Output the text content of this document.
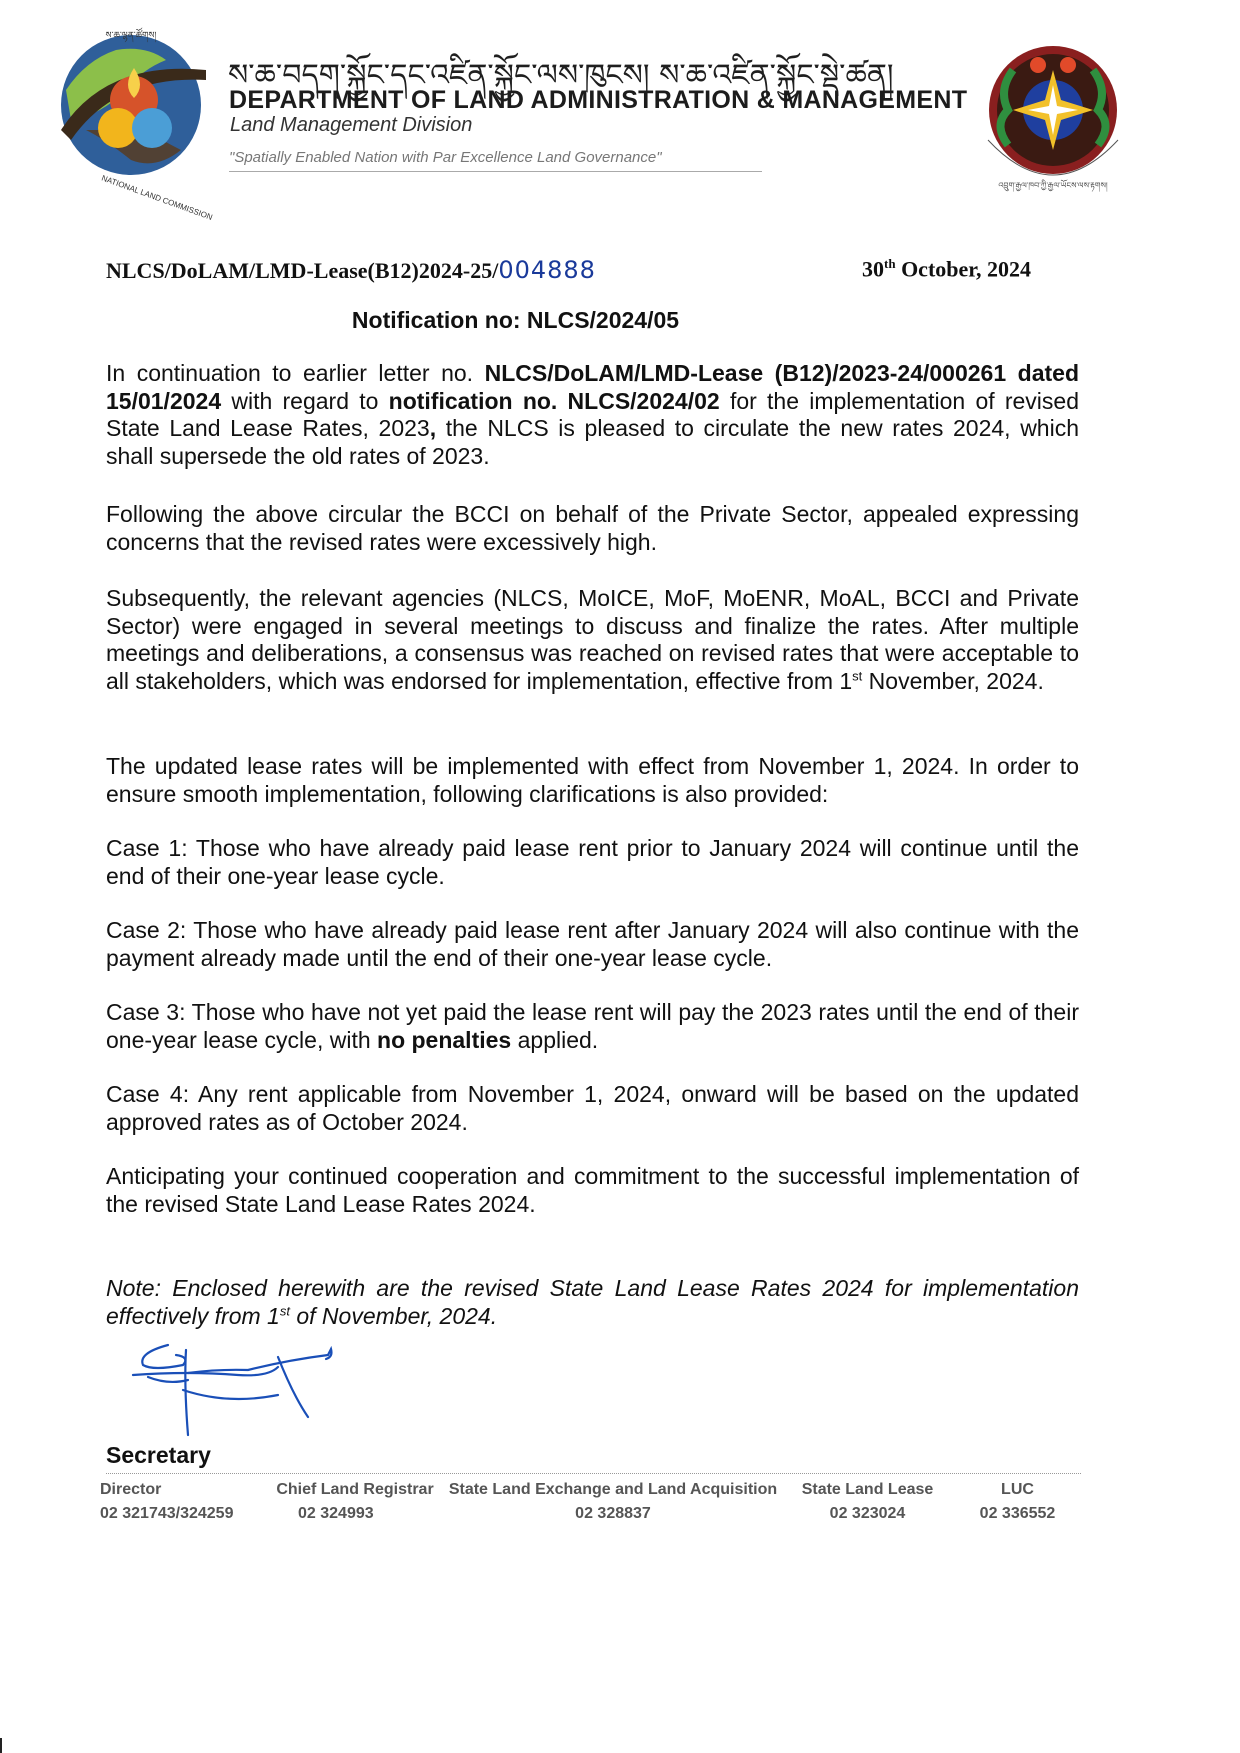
ས་ཆ་ལྷན་ཚོགས།
NATIONAL LAND COMMISSION	འབྲུག་རྒྱལ་ཁབ་ཀྱི་རྒྱལ་ཡོངས་ལས་རྟགས།
ས་ཆ་བདག་སྐྱོང་དང་འཛིན་སྐྱོང་ལས་ཁུངས། ས་ཆ་འཛིན་སྐྱོང་སྡེ་ཚན།
DEPARTMENT OF LAND ADMINISTRATION & MANAGEMENT
Land Management Division
"Spatially Enabled Nation with Par Excellence Land Governance"
NLCS/DoLAM/LMD-Lease(B12)2024-25/004888	30th October, 2024
Notification no: NLCS/2024/05

In continuation to earlier letter no. NLCS/DoLAM/LMD-Lease (B12)/2023-24/000261 dated 15/01/2024 with regard to notification no. NLCS/2024/02 for the implementation of revised State Land Lease Rates, 2023, the NLCS is pleased to circulate the new rates 2024, which shall supersede the old rates of 2023.

Following the above circular the BCCI on behalf of the Private Sector, appealed expressing concerns that the revised rates were excessively high.

Subsequently, the relevant agencies (NLCS, MoICE, MoF, MoENR, MoAL, BCCI and Private Sector) were engaged in several meetings to discuss and finalize the rates. After multiple meetings and deliberations, a consensus was reached on revised rates that were acceptable to all stakeholders, which was endorsed for implementation, effective from 1st November, 2024.

The updated lease rates will be implemented with effect from November 1, 2024. In order to ensure smooth implementation, following clarifications is also provided:

Case 1: Those who have already paid lease rent prior to January 2024 will continue until the end of their one-year lease cycle.

Case 2: Those who have already paid lease rent after January 2024 will also continue with the payment already made until the end of their one-year lease cycle.

Case 3: Those who have not yet paid the lease rent will pay the 2023 rates until the end of their one-year lease cycle, with no penalties applied.

Case 4: Any rent applicable from November 1, 2024, onward will be based on the updated approved rates as of October 2024.

Anticipating your continued cooperation and commitment to the successful implementation of the revised State Land Lease Rates 2024.

Note: Enclosed herewith are the revised State Land Lease Rates 2024 for implementation effectively from 1st of November, 2024.

Secretary
Director
02 321743/324259
Chief Land Registrar
02 324993
State Land Exchange and Land Acquisition
02 328837
State Land Lease
02 323024
LUC
02 336552
